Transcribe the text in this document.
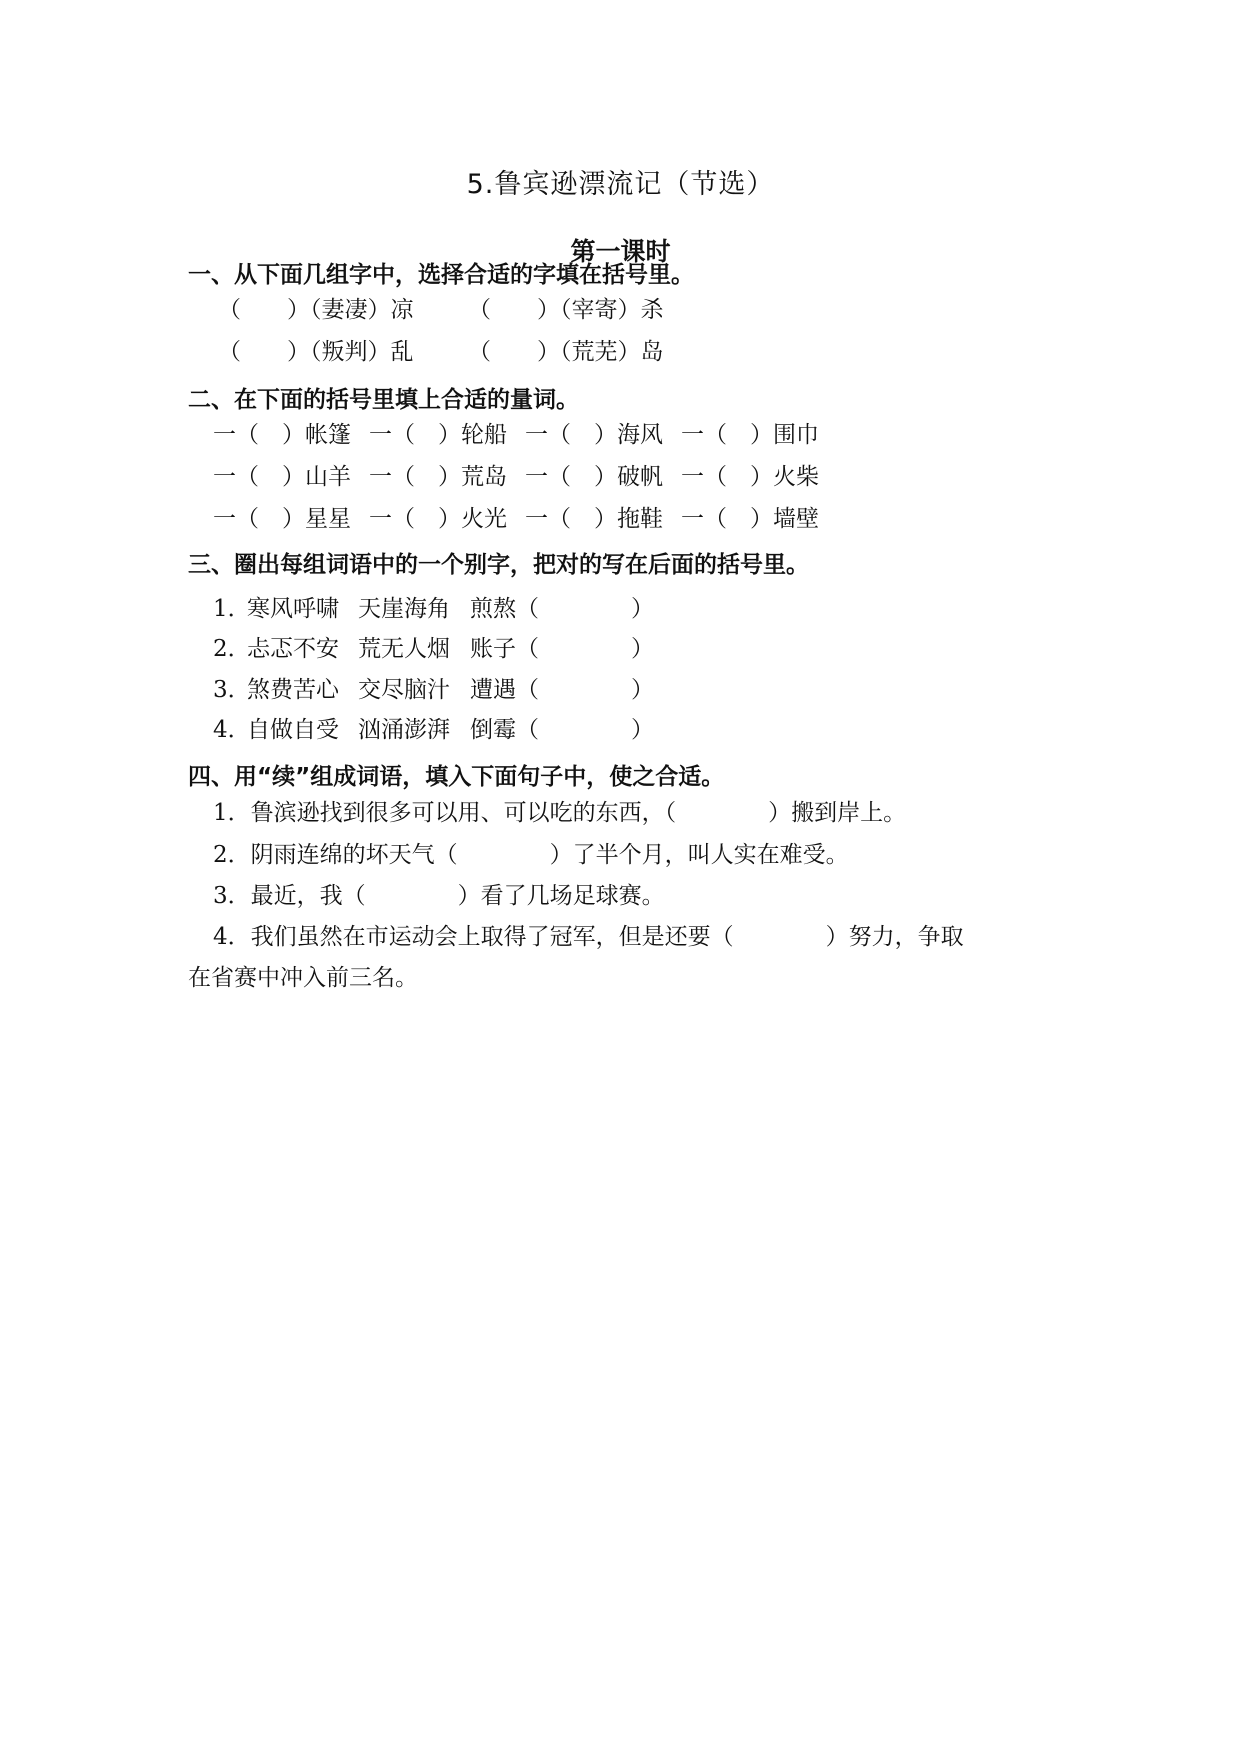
5.鲁宾逊漂流记（节选）
第一课时
一、从下面几组字中，选择合适的字填在括号里。
（　　）（妻凄）凉 （　　）（宰寄）杀
（　　）（叛判）乱 （　　）（荒芜）岛
二、在下面的括号里填上合适的量词。
一（　）帐篷 一（　）轮船 一（　）海风 一（　）围巾
一（　）山羊 一（　）荒岛 一（　）破帆 一（　）火柴
一（　）星星 一（　）火光 一（　）拖鞋 一（　）墙壁
三、圈出每组词语中的一个别字，把对的写在后面的括号里。
1．
寒风呼啸 天崖海角 煎熬（　　　　）
2．
忐忑不安 荒无人烟 账子（　　　　）
3．
煞费苦心 交尽脑汁 遭遇（　　　　）
4．
自做自受 汹涌澎湃 倒霉（　　　　）
四、用“续”组成词语，填入下面句子中，使之合适。
1．鲁滨逊找到很多可以用、可以吃的东西，（　　　　）搬到岸上。
2．阴雨连绵的坏天气（　　　　）了半个月，叫人实在难受。
3．最近，我（　　　　）看了几场足球赛。
4．我们虽然在市运动会上取得了冠军，但是还要（　　　　）努力，争取
在省赛中冲入前三名。
